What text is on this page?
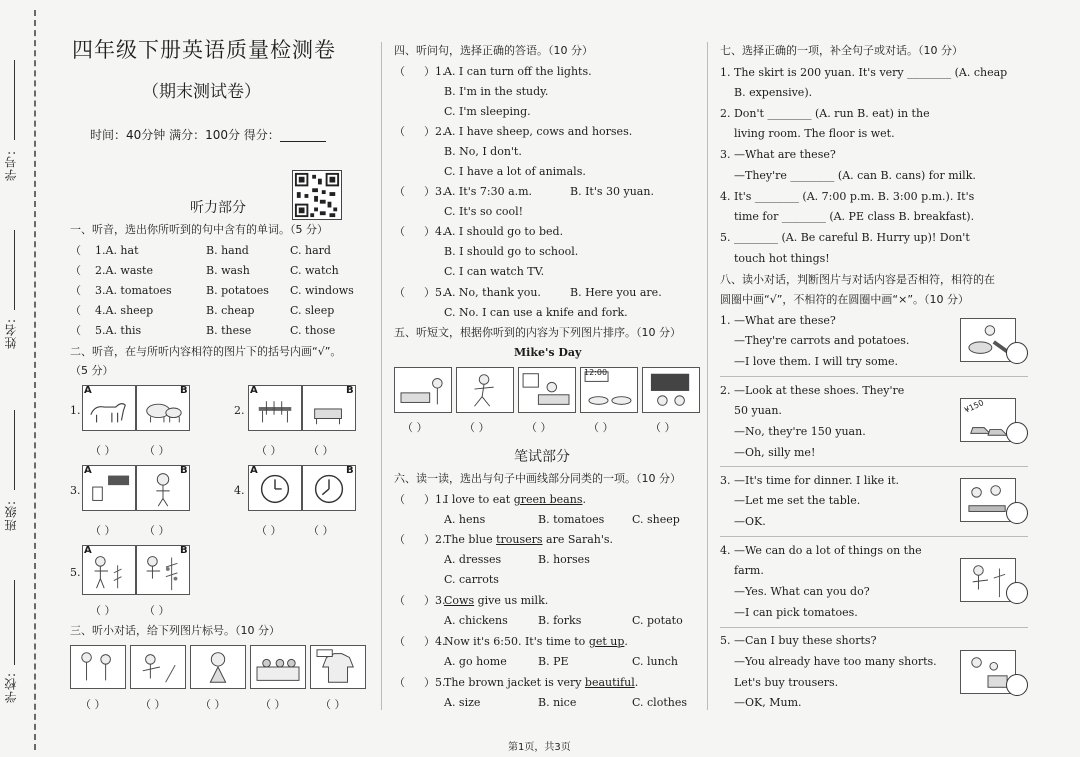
学号:
姓名:
班级:
学校:
四年级下册英语质量检测卷
（期末测试卷）
时间：40分钟 满分：100分 得分：
听力部分
一、听音，选出你所听到的句中含有的单词。（5 分）
（ 1.A. hat	B. hand	C. hard
（ 2.A. waste	B. wash	C. watch
（ 3.A. tomatoes	B. potatoes C. windows
（ 4.A. sheep	B. cheap	C. sleep
（ 5.A. this	B. these	C. those
二、听音，在与所听内容相符的图片下的括号内画“√”。
（5 分）
1.
A	B
（ ）	（ ）
2.
A	B
（ ） （ ）
3.
A	B
（ ）	（ ）
4.
A	B
（ ） （ ）
5.
A	B
（ ）	（ ）
三、听小对话，给下列图片标号。（10 分）
（ ）	（ ）	（ ）	（ ）	（ ）
四、听问句，选择正确的答语。（10 分）
（ ）1.
A. I can turn off the lights.
B. I'm in the study.
C. I'm sleeping.
（ ）2.
A. I have sheep, cows and horses.
B. No, I don't.
C. I have a lot of animals.
（ ）3.
A. It's 7:30 a.m.	B. It's 30 yuan.
C. It's so cool!
（ ）4.
A. I should go to bed.
B. I should go to school.
C. I can watch TV.
（ ）5.
A. No, thank you.	B. Here you are.
C. No. I can use a knife and fork.
五、听短文，根据你听到的内容为下列图片排序。（10 分）
Mike's Day
12:00
（ ）	（ ）	（ ）	（ ）	（ ）
笔试部分
六、读一读，选出与句子中画线部分同类的一项。（10 分）
（ ）1.
I love to eat green beans.
A. hens	B. tomatoes	C. sheep
（ ）2.
The blue trousers are Sarah's.
A. dresses	B. horses
C. carrots
（ ）3.
Cows give us milk.
A. chickens	B. forks	C. potato
（ ）4.
Now it's 6:50. It's time to get up.
A. go home	B. PE	C. lunch
（ ）5.
The brown jacket is very beautiful.
A. size	B. nice	C. clothes
七、选择正确的一项，补全句子或对话。（10 分）
1. The skirt is 200 yuan. It's very ________ (A. cheap
B. expensive).
2. Don't ________ (A. run B. eat) in the
living room. The floor is wet.
3. —What are these?
—They're ________ (A. can B. cans) for milk.
4. It's ________ (A. 7:00 p.m. B. 3:00 p.m.). It's
time for ________ (A. PE class B. breakfast).
5. ________ (A. Be careful B. Hurry up)! Don't
touch hot things!
八、读小对话，判断图片与对话内容是否相符，相符的在
圆圈中画“√”，不相符的在圆圈中画“×”。（10 分）
1. —What are these?
—They're carrots and potatoes.
—I love them. I will try some.
2. —Look at these shoes. They're
50 yuan.
—No, they're 150 yuan.
—Oh, silly me!
¥150
3. —It's time for dinner. I like it.
—Let me set the table.
—OK.
4. —We can do a lot of things on the
farm.
—Yes. What can you do?
—I can pick tomatoes.
5. —Can I buy these shorts?
—You already have too many shorts.
Let's buy trousers.
—OK, Mum.
第1页，共3页
